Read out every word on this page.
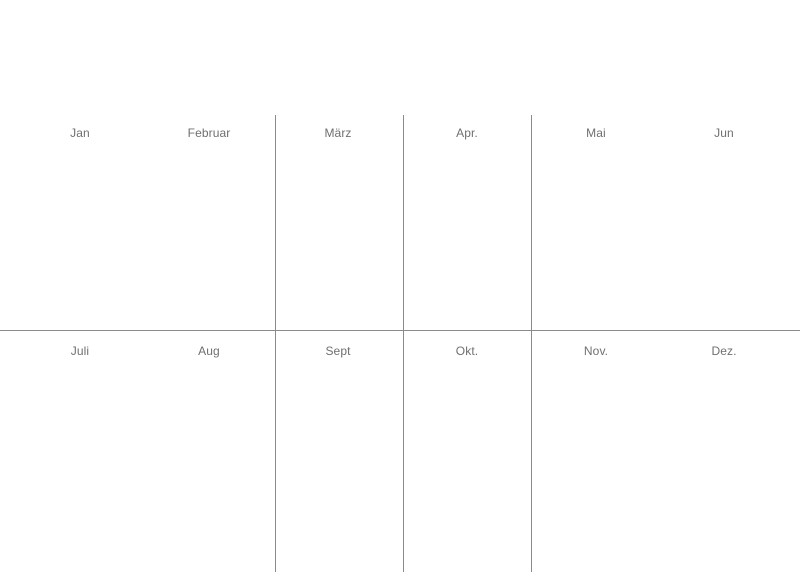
Jan	Februar	März	Apr.	Mai	Jun
Juli	Aug	Sept	Okt.	Nov.	Dez.
